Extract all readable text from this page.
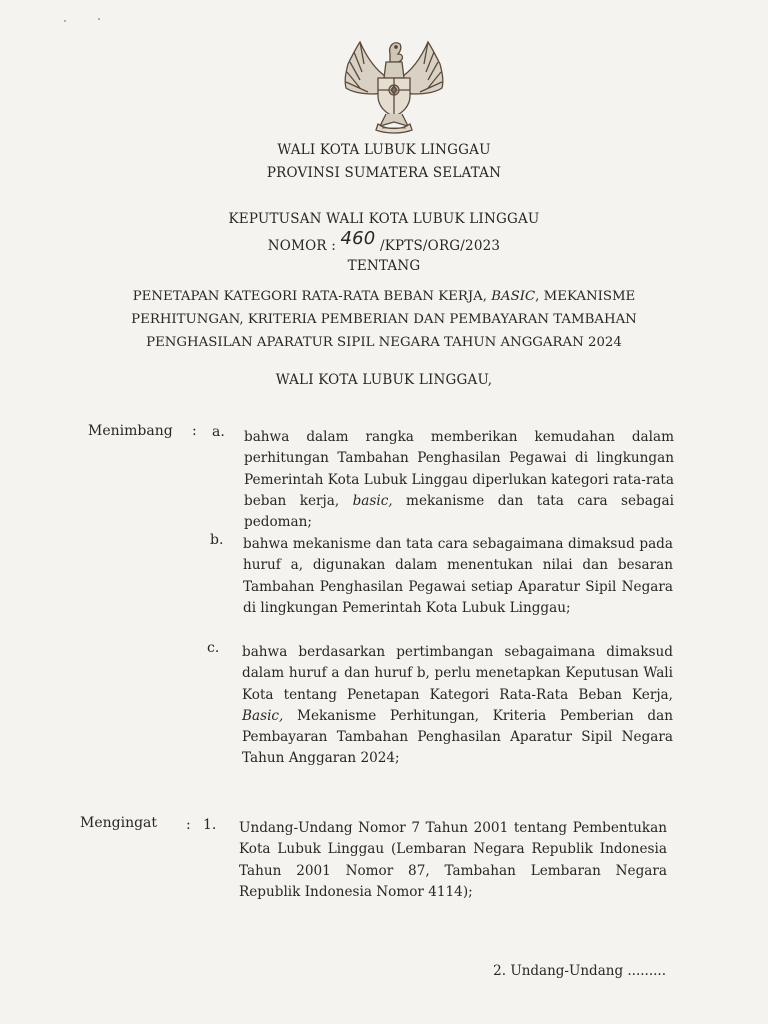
WALI KOTA LUBUK LINGGAU
PROVINSI SUMATERA SELATAN
KEPUTUSAN WALI KOTA LUBUK LINGGAU
NOMOR : 460 /KPTS/ORG/2023
TENTANG
PENETAPAN KATEGORI RATA-RATA BEBAN KERJA, BASIC, MEKANISME
PERHITUNGAN, KRITERIA PEMBERIAN DAN PEMBAYARAN TAMBAHAN
PENGHASILAN APARATUR SIPIL NEGARA TAHUN ANGGARAN 2024
WALI KOTA LUBUK LINGGAU,
Menimbang : a. bahwa dalam rangka memberikan kemudahan dalam perhitungan Tambahan Penghasilan Pegawai di lingkungan Pemerintah Kota Lubuk Linggau diperlukan kategori rata-rata beban kerja, basic, mekanisme dan tata cara sebagai pedoman;
b. bahwa mekanisme dan tata cara sebagaimana dimaksud pada huruf a, digunakan dalam menentukan nilai dan besaran Tambahan Penghasilan Pegawai setiap Aparatur Sipil Negara di lingkungan Pemerintah Kota Lubuk Linggau;
c. bahwa berdasarkan pertimbangan sebagaimana dimaksud dalam huruf a dan huruf b, perlu menetapkan Keputusan Wali Kota tentang Penetapan Kategori Rata-Rata Beban Kerja, Basic, Mekanisme Perhitungan, Kriteria Pemberian dan Pembayaran Tambahan Penghasilan Aparatur Sipil Negara Tahun Anggaran 2024;
Mengingat : 1. Undang-Undang Nomor 7 Tahun 2001 tentang Pembentukan Kota Lubuk Linggau (Lembaran Negara Republik Indonesia Tahun 2001 Nomor 87, Tambahan Lembaran Negara Republik Indonesia Nomor 4114);
2. Undang-Undang .........
